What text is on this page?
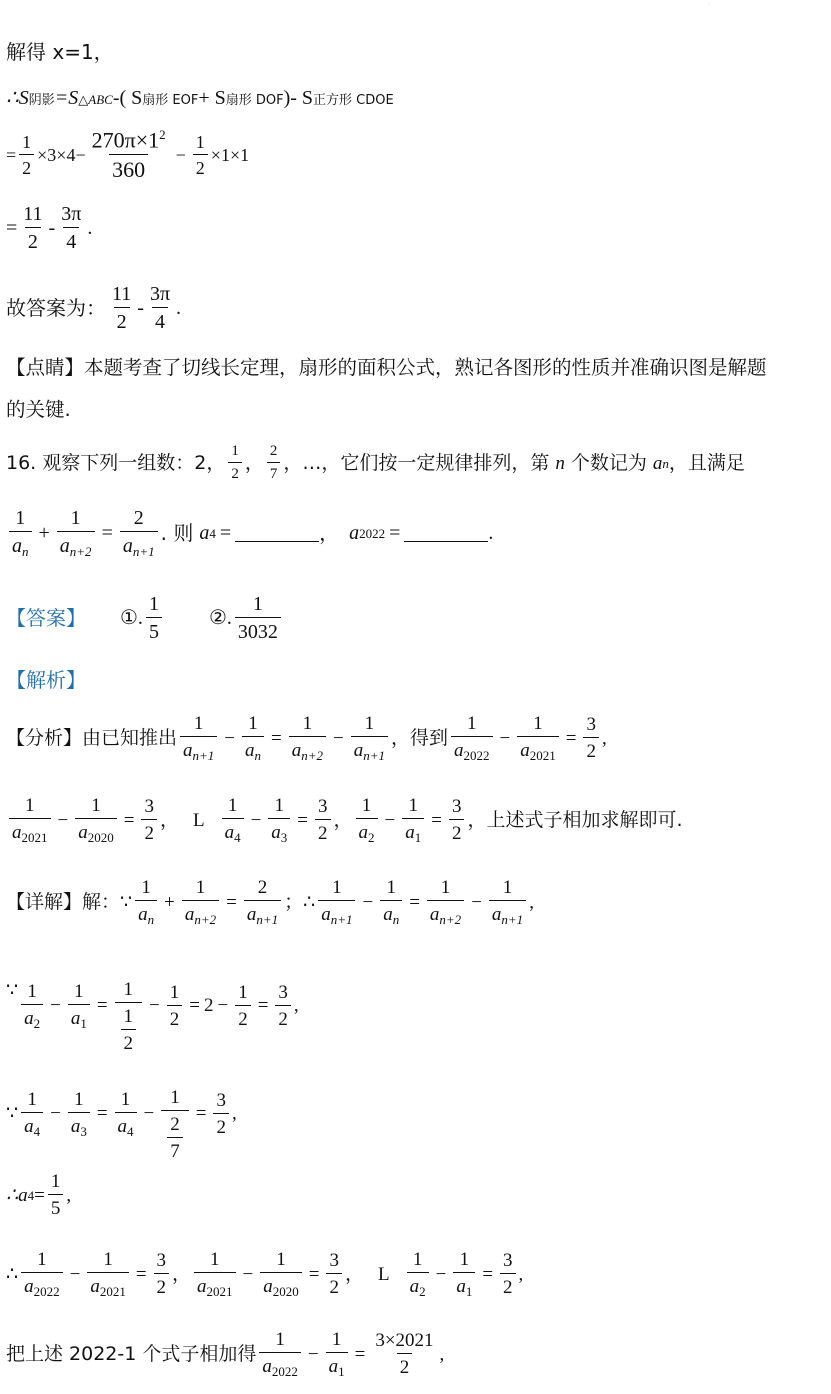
·
解得 x=1，
∴S阴影=S△ABC-( S扇形 EOF+ S扇形 DOF)- S正方形 CDOE
= $\frac{1}{2} \times 3\times 4- \frac{270\pi\times 1^2}{360} - \frac{1}{2} \times 1\times 1$
= $\frac{11}{2} - \frac{3\pi}{4}$ .
故答案为： $\frac{11}{2} - \frac{3\pi}{4}$ .
【点睛】本题考查了切线长定理，扇形的面积公式，熟记各图形的性质并准确识图是解题
的关键.
16. 观察下列一组数：2， $\frac{1}{2}$ ， $\frac{2}{7}$ ，…，它们按一定规律排列，第 n 个数记为 a n ，且满足
$\frac{1}{a_n} + \frac{1}{a_{n+2}} = \frac{2}{a_{n+1}}$ . 则 a 4 =	， a 2022 =	.
【答案】 ①. $\frac{1}{5}$ ②. $\frac{1}{3032}$
【解析】
【分析】由已知推出 $\frac{1}{a_{n+1}} - \frac{1}{a_n} = \frac{1}{a_{n+2}} - \frac{1}{a_{n+1}}$ ，得到 $\frac{1}{a_{2022}} - \frac{1}{a_{2021}} = \frac{3}{2}$ ,
$\frac{1}{a_{2021}} - \frac{1}{a_{2020}} = \frac{3}{2}$ ， L $\frac{1}{a_4} - \frac{1}{a_3} = \frac{3}{2}$ ， $\frac{1}{a_2} - \frac{1}{a_1} = \frac{3}{2}$ ，上述式子相加求解即可.
【详解】解：∵ $\frac{1}{a_n} + \frac{1}{a_{n+2}} = \frac{2}{a_{n+1}}$ ；∴ $\frac{1}{a_{n+1}} - \frac{1}{a_n} = \frac{1}{a_{n+2}} - \frac{1}{a_{n+1}}$ ,
∵ $\frac{1}{a_2} - \frac{1}{a_1} = \frac{1}{\frac{1}{2}} - \frac{1}{2} = 2 - \frac{1}{2} = \frac{3}{2}$ ,
∵ $\frac{1}{a_4} - \frac{1}{a_3} = \frac{1}{a_4} - \frac{1}{\frac{2}{7}} = \frac{3}{2}$ ,
∴a $4 = \frac{1}{5}$ ,
∴ $\frac{1}{a_{2022}} - \frac{1}{a_{2021}} = \frac{3}{2}$ ， $\frac{1}{a_{2021}} - \frac{1}{a_{2020}} = \frac{3}{2}$ ， L $\frac{1}{a_2} - \frac{1}{a_1} = \frac{3}{2}$ ,
把上述 2022-1 个式子相加得 $\frac{1}{a_{2022}} - \frac{1}{a_1} = \frac{3\times 2021}{2}$ ,
